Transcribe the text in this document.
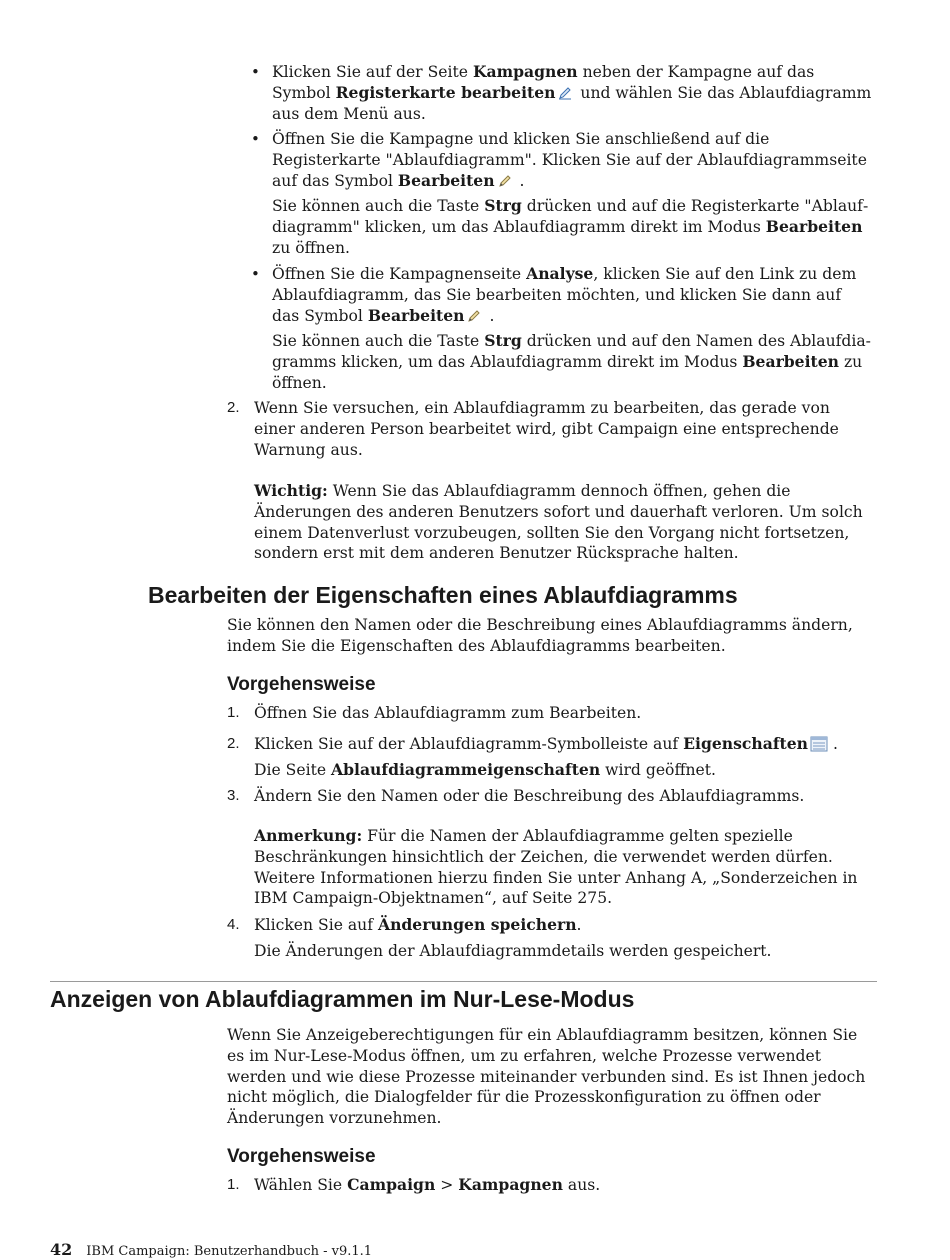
• Klicken Sie auf der Seite Kampagnen neben der Kampagne auf das Symbol Registerkarte bearbeiten und wählen Sie das Ablaufdiagramm aus dem Menü aus.

• Öffnen Sie die Kampagne und klicken Sie anschließend auf die Registerkarte "Ablaufdiagramm". Klicken Sie auf der Ablaufdiagrammseite auf das Symbol Bearbeiten .

Sie können auch die Taste Strg drücken und auf die Registerkarte "Ablaufdiagramm" klicken, um das Ablaufdiagramm direkt im Modus Bearbeiten zu öffnen.

• Öffnen Sie die Kampagnenseite Analyse, klicken Sie auf den Link zu dem Ablaufdiagramm, das Sie bearbeiten möchten, und klicken Sie dann auf das Symbol Bearbeiten .

Sie können auch die Taste Strg drücken und auf den Namen des Ablaufdiagramms klicken, um das Ablaufdiagramm direkt im Modus Bearbeiten zu öffnen.

2. Wenn Sie versuchen, ein Ablaufdiagramm zu bearbeiten, das gerade von einer anderen Person bearbeitet wird, gibt Campaign eine entsprechende Warnung aus.

Wichtig: Wenn Sie das Ablaufdiagramm dennoch öffnen, gehen die Änderungen des anderen Benutzers sofort und dauerhaft verloren. Um solch einem Datenverlust vorzubeugen, sollten Sie den Vorgang nicht fortsetzen, sondern erst mit dem anderen Benutzer Rücksprache halten.

Bearbeiten der Eigenschaften eines Ablaufdiagramms

Sie können den Namen oder die Beschreibung eines Ablaufdiagramms ändern, indem Sie die Eigenschaften des Ablaufdiagramms bearbeiten.

Vorgehensweise
1. Öffnen Sie das Ablaufdiagramm zum Bearbeiten.

2. Klicken Sie auf der Ablaufdiagramm-Symbolleiste auf Eigenschaften .

Die Seite Ablaufdiagrammeigenschaften wird geöffnet.

3. Ändern Sie den Namen oder die Beschreibung des Ablaufdiagramms.

Anmerkung: Für die Namen der Ablaufdiagramme gelten spezielle Beschränkungen hinsichtlich der Zeichen, die verwendet werden dürfen. Weitere Informationen hierzu finden Sie unter Anhang A, „Sonderzeichen in IBM Campaign-Objektnamen“, auf Seite 275.

4. Klicken Sie auf Änderungen speichern.

Die Änderungen der Ablaufdiagrammdetails werden gespeichert.

Anzeigen von Ablaufdiagrammen im Nur-Lese-Modus

Wenn Sie Anzeigeberechtigungen für ein Ablaufdiagramm besitzen, können Sie es im Nur-Lese-Modus öffnen, um zu erfahren, welche Prozesse verwendet werden und wie diese Prozesse miteinander verbunden sind. Es ist Ihnen jedoch nicht möglich, die Dialogfelder für die Prozesskonfiguration zu öffnen oder Änderungen vorzunehmen.

Vorgehensweise
1. Wählen Sie Campaign > Kampagnen aus.

42 IBM Campaign: Benutzerhandbuch - v9.1.1
